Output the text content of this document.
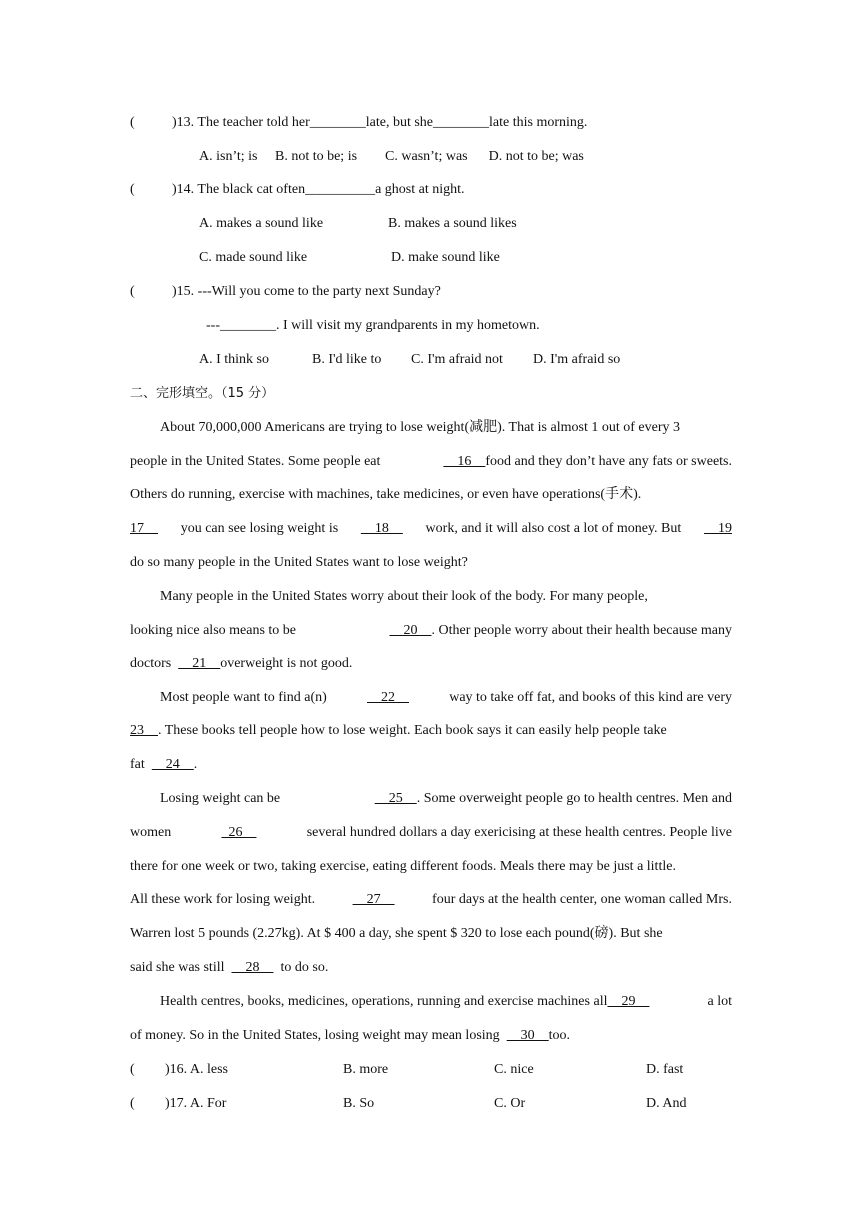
(	)13. The teacher told her________late, but she________late this morning.
A. isn’t; is     B. not to be; is        C. wasn’t; was      D. not to be; was
(	)14. The black cat often__________a ghost at night.
A. makes a sound like	B. makes a sound likes
C. made sound like	D. make sound like
(	)15. ---Will you come to the party next Sunday?
---________. I will visit my grandparents in my hometown.
A. I think so	B. I'd like to C. I'm afraid not D. I'm afraid so
二、完形填空。（15 分）
About 70,000,000 Americans are trying to lose weight(减肥). That is almost 1 out of every 3
people in the United States. Some people eat	16    food and they don’t have any fats or sweets.
Others do running, exercise with machines, take medicines, or even have operations(手术).
17 you can see losing weight is 18 work, and it will also cost a lot of money. But 19
do so many people in the United States want to lose weight?
Many people in the United States worry about their look of the body. For many people,
looking nice also means to be	20    . Other people worry about their health because many
doctors      21    overweight is not good.
Most people want to find a(n)	22	way to take off fat, and books of this kind are very
23    . These books tell people how to lose weight. Each book says it can easily help people take
fat      24    .
Losing weight can be	25    . Some overweight people go to health centres. Men and
women	26	several hundred dollars a day exericising at these health centres. People live
there for one week or two, taking exercise, eating different foods. Meals there may be just a little.
All these work for losing weight.	27	four days at the health center, one woman called Mrs.
Warren lost 5 pounds (2.27kg). At $ 400 a day, she spent $ 320 to lose each pound(磅). But she
said she was still      28      to do so.
Health centres, books, medicines, operations, running and exercise machines all    29	a lot
of money. So in the United States, losing weight may mean losing      30    too.
( )16. A. less	B. more	C. nice	D. fast
( )17. A. For	B. So	C. Or	D. And
